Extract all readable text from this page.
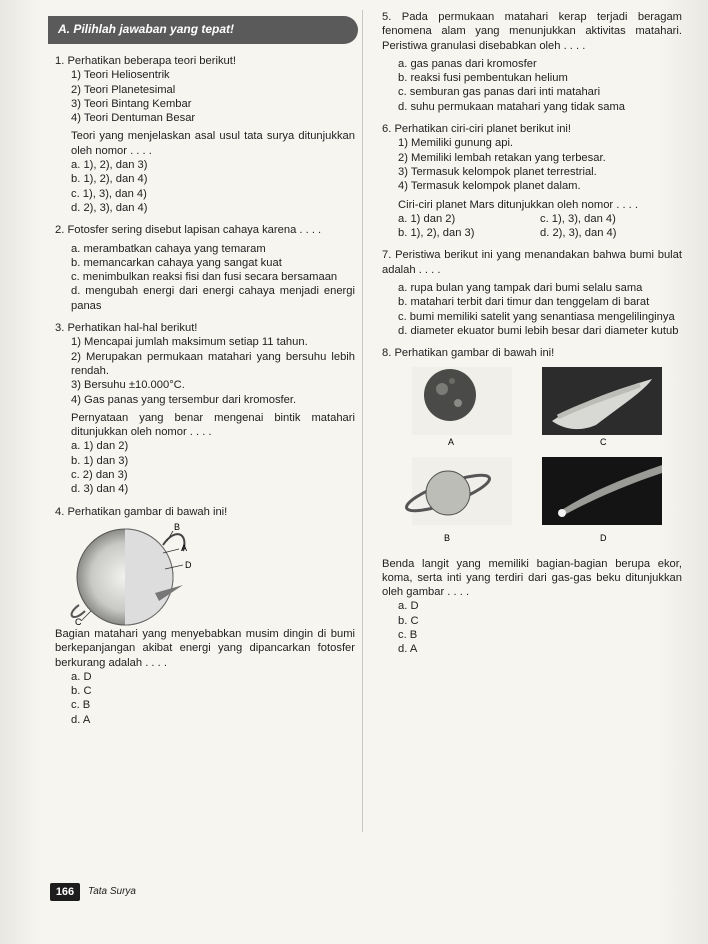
A. Pilihlah jawaban yang tepat!
1. Perhatikan beberapa teori berikut!
1) Teori Heliosentrik
2) Teori Planetesimal
3) Teori Bintang Kembar
4) Teori Dentuman Besar
Teori yang menjelaskan asal usul tata surya ditunjukkan oleh nomor . . . .
a. 1), 2), dan 3)
b. 1), 2), dan 4)
c. 1), 3), dan 4)
d. 2), 3), dan 4)
2. Fotosfer sering disebut lapisan cahaya karena . . . .
a. merambatkan cahaya yang temaram
b. memancarkan cahaya yang sangat kuat
c. menimbulkan reaksi fisi dan fusi secara bersamaan
d. mengubah energi dari energi cahaya menjadi energi panas
3. Perhatikan hal-hal berikut!
1) Mencapai jumlah maksimum setiap 11 tahun.
2) Merupakan permukaan matahari yang bersuhu lebih rendah.
3) Bersuhu ±10.000°C.
4) Gas panas yang tersembur dari kromosfer.
Pernyataan yang benar mengenai bintik matahari ditunjukkan oleh nomor . . . .
a. 1) dan 2)
b. 1) dan 3)
c. 2) dan 3)
d. 3) dan 4)
4. Perhatikan gambar di bawah ini!
B
A
D
C
Bagian matahari yang menyebabkan musim dingin di bumi berkepanjangan akibat energi yang dipancarkan fotosfer berkurang adalah . . . .
a. D
b. C
c. B
d. A
5. Pada permukaan matahari kerap terjadi beragam fenomena alam yang menunjukkan aktivitas matahari. Peristiwa granulasi disebabkan oleh . . . .
a. gas panas dari kromosfer
b. reaksi fusi pembentukan helium
c. semburan gas panas dari inti matahari
d. suhu permukaan matahari yang tidak sama
6. Perhatikan ciri-ciri planet berikut ini!
1) Memiliki gunung api.
2) Memiliki lembah retakan yang terbesar.
3) Termasuk kelompok planet terrestrial.
4) Termasuk kelompok planet dalam.
Ciri-ciri planet Mars ditunjukkan oleh nomor . . . .
a. 1) dan 2)	c. 1), 3), dan 4)
b. 1), 2), dan 3)	d. 2), 3), dan 4)
7. Peristiwa berikut ini yang menandakan bahwa bumi bulat adalah . . . .
a. rupa bulan yang tampak dari bumi selalu sama
b. matahari terbit dari timur dan tenggelam di barat
c. bumi memiliki satelit yang senantiasa mengelilinginya
d. diameter ekuator bumi lebih besar dari diameter kutub
8. Perhatikan gambar di bawah ini!
A	C
B	D
Benda langit yang memiliki bagian-bagian berupa ekor, koma, serta inti yang terdiri dari gas-gas beku ditunjukkan oleh gambar . . . .
a. D
b. C
c. B
d. A
166	Tata Surya
